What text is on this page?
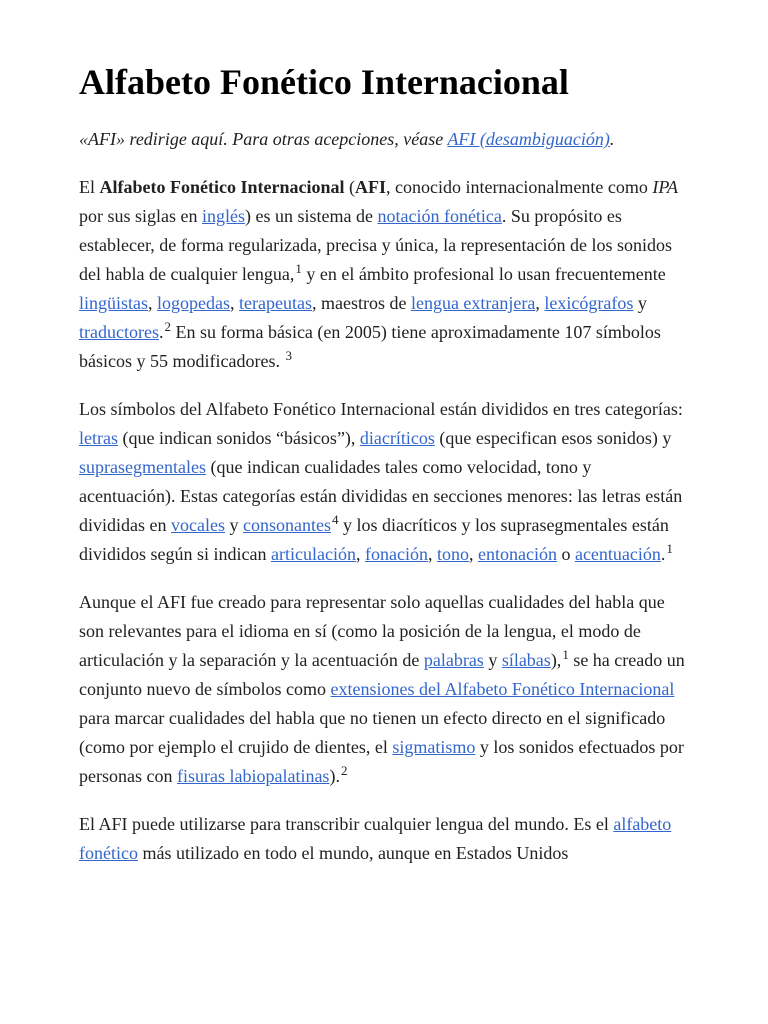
Alfabeto Fonético Internacional

«AFI» redirige aquí. Para otras acepciones, véase AFI (desambiguación).

El Alfabeto Fonético Internacional (AFI, conocido internacionalmente como IPA por sus siglas en inglés) es un sistema de notación fonética. Su propósito es establecer, de forma regularizada, precisa y única, la representación de los sonidos del habla de cualquier lengua,$^1$ y en el ámbito profesional lo usan frecuentemente lingüistas, logopedas, terapeutas, maestros de lengua extranjera, lexicógrafos y traductores.$^2$ En su forma básica (en 2005) tiene aproximadamente 107 símbolos básicos y 55 modificadores. $^3$

Los símbolos del Alfabeto Fonético Internacional están divididos en tres categorías: letras (que indican sonidos “básicos”), diacríticos (que especifican esos sonidos) y suprasegmentales (que indican cualidades tales como velocidad, tono y acentuación). Estas categorías están divididas en secciones menores: las letras están divididas en vocales y consonantes$^4$ y los diacríticos y los suprasegmentales están divididos según si indican articulación, fonación, tono, entonación o acentuación.$^1$

Aunque el AFI fue creado para representar solo aquellas cualidades del habla que son relevantes para el idioma en sí (como la posición de la lengua, el modo de articulación y la separación y la acentuación de palabras y sílabas),$^1$ se ha creado un conjunto nuevo de símbolos como extensiones del Alfabeto Fonético Internacional para marcar cualidades del habla que no tienen un efecto directo en el significado (como por ejemplo el crujido de dientes, el sigmatismo y los sonidos efectuados por personas con fisuras labiopalatinas).$^2$

El AFI puede utilizarse para transcribir cualquier lengua del mundo. Es el alfabeto fonético más utilizado en todo el mundo, aunque en Estados Unidos
